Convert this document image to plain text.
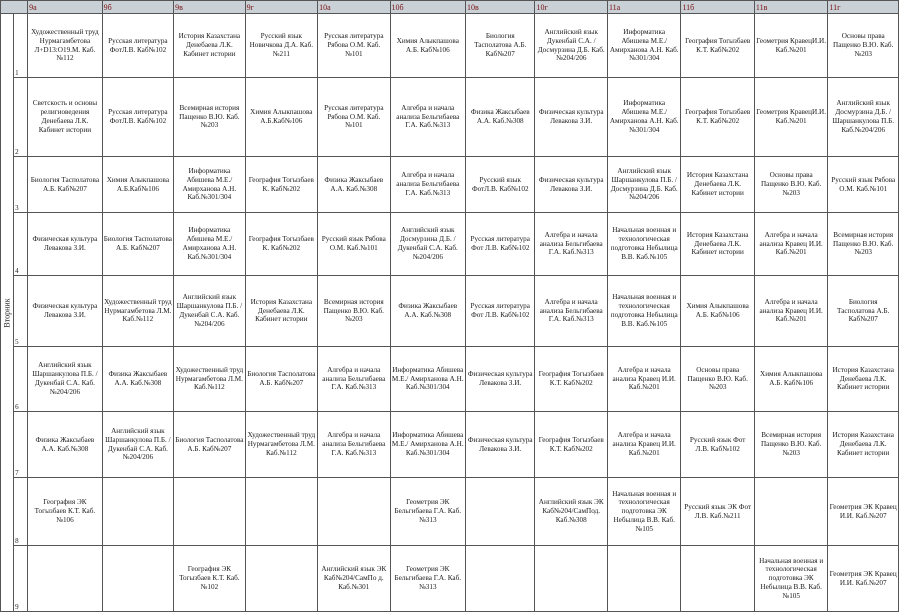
		9а	9б	9в	9г	10а	10б	10в	10г	11а	11б	11в	11г

Вторник	1	Художественный труд Нурмагамбетова Л+D13:O19.М. Каб.№112	Русская литература ФотЛ.В. Каб№102	История Казахстана Денебаева Л.К. Кабинет истории	Русский язык Новичкова Д.А. Каб.№211	Русская литература Рябова О.М. Каб.№101	Химия Алыкпашова А.Б. Каб№106	Биология Тасполатова А.Б. Каб№207	Английский язык Дукенбай С.А. / Досмурзина Д.Б. Каб.№204/206	Информатика Абишева М.Е./ Амирханова А.Н. Каб.№301/304	География Тогызбаев К.Т. Каб№202	Геометрия КравецИ.И. Каб.№201	Основы права Пащенко В.Ю. Каб.№203
	2	Светскость и основы религиоведения Денебаева Л.К. Кабинет истории	Русская литература ФотЛ.В. Каб№102	Всемирная история Пащенко В.Ю. Каб.№203	Химия Алыкпашова А.Б.Каб№106	Русская литература Рябова О.М. Каб.№101	Алгебра и начала анализа Бельгибаева Г.А. Каб.№313	Физика Жаксыбаев А.А. Каб.№308	Физическая культура Левакова З.И.	Информатика Абишева М.Е./ Амирханова А.Н. Каб.№301/304	География Тогызбаев К.Т. Каб№202	Геометрия КравецИ.И. Каб.№201	Английский язык Досмурзина Д.Б. / Шаршанкулова П.Б. Каб.№204/206
	3	Биология Тасполатова А.Б. Каб№207	Химия Алыкпашова А.Б.Каб№106	Информатика Абишева М.Е./ Амирханова А.Н. Каб.№301/304	География Тогызбаев К. Каб№202	Физика Жаксыбаев А.А. Каб.№308	Алгебра и начала анализа Бельгибаева Г.А. Каб.№313	Русский язык ФотЛ.В. Каб№102	Физическая культура Левакова З.И.	Английский язык Шаршанкулова П.Б. /Досмурзина Д.Б. Каб.№204/206	История Казахстана Денебаева Л.К. Кабинет истории	Основы права Пащенко В.Ю. Каб.№203	Русский язык Рябова О.М. Каб.№101
	4	Физическая культура Левакова З.И.	Биология Тасполатова А.Б. Каб№207	Информатика Абишева М.Е./ Амирханова А.Н. Каб.№301/304	География Тогызбаев К. Каб№202	Русский язык Рябова О.М. Каб.№101	Английский язык Досмурзина Д.Б. /Дукенбай С.А. Каб.№204/206	Русская литература Фот Л.В. Каб№102	Алгебра и начала анализа Бельгибаева Г.А. Каб.№313	Начальная военная и технологическая подготовка Небылица В.В. Каб.№105	История Казахстана Денебаева Л.К. Кабинет истории	Алгебра и начала анализа Кравец И.И. Каб.№201	Всемирная история Пащенко В.Ю. Каб.№203
	5	Физическая культура Левакова З.И.	Художественный труд Нурмагамбетова Л.М. Каб.№112	Английский язык Шаршанкулова П.Б. /Дукенбай С.А. Каб.№204/206	История Казахстана Денебаева Л.К. Кабинет истории	Всемирная история Пащенко В.Ю. Каб.№203	Физика Жаксыбаев А.А. Каб.№308	Русская литература Фот Л.В. Каб№102	Алгебра и начала анализа Бельгибаева Г.А. Каб.№313	Начальная военная и технологическая подготовка Небылица В.В. Каб.№105	Химия Алыкпашова А.Б. Каб№106	Алгебра и начала анализа Кравец И.И. Каб.№201	Биология Тасполатова А.Б. Каб№207
	6	Английский язык Шаршанкулова П.Б. /Дукенбай С.А. Каб.№204/206	Физика Жаксыбаев А.А. Каб.№308	Художественный труд Нурмагамбетова Л.М. Каб.№112	Биология Тасполатова А.Б. Каб№207	Алгебра и начала анализа Бельгибаева Г.А. Каб.№313	Информатика Абишева М.Е./ Амирханова А.Н. Каб.№301/304	Физическая культура Левакова З.И.	География Тогызбаев К.Т. Каб№202	Алгебра и начала анализа Кравец И.И. Каб.№201	Основы права Пащенко В.Ю. Каб.№203	Химия Алыкпашова А.Б. Каб№106	История Казахстана Денебаева Л.К. Кабинет истории
	7	Физика Жаксыбаев А.А. Каб.№308	Английский язык Шаршанкулова П.Б. /Дукенбай С.А. Каб.№204/206	Биология Тасполатова А.Б. Каб№207	Художественный труд Нурмагамбетова Л.М. Каб.№112	Алгебра и начала анализа Бельгибаева Г.А. Каб.№313	Информатика Абишева М.Е./ Амирханова А.Н. Каб.№301/304	Физическая культура Левакова З.И.	География Тогызбаев К.Т. Каб№202	Алгебра и начала анализа Кравец И.И. Каб.№201	Русский язык Фот Л.В. Каб№102	Всемирная история Пащенко В.Ю. Каб.№203	История Казахстана Денебаева Л.К. Кабинет истории
	8	География ЭК Тогызбаев К.Т. Каб.№106					Геометрия ЭК Бельгибаева Г.А. Каб.№313		Английский язык ЭК Каб№204/СамПод. Каб.№308	Начальная военная и технологическая подготовка ЭК Небылица В.В. Каб.№105	Русский язык ЭК Фот Л.В. Каб.№211		Геометрия ЭК Кравец И.И. Каб.№207
	9			География ЭК Тогызбаев К.Т. Каб.№102		Английский язык ЭК Каб№204/СамПо д. Каб.№301	Геометрия ЭК Бельгибаева Г.А. Каб.№313					Начальная военная и технологическая подготовка ЭК Небылица В.В. Каб.№105	Геометрия ЭК Кравец И.И. Каб.№207
